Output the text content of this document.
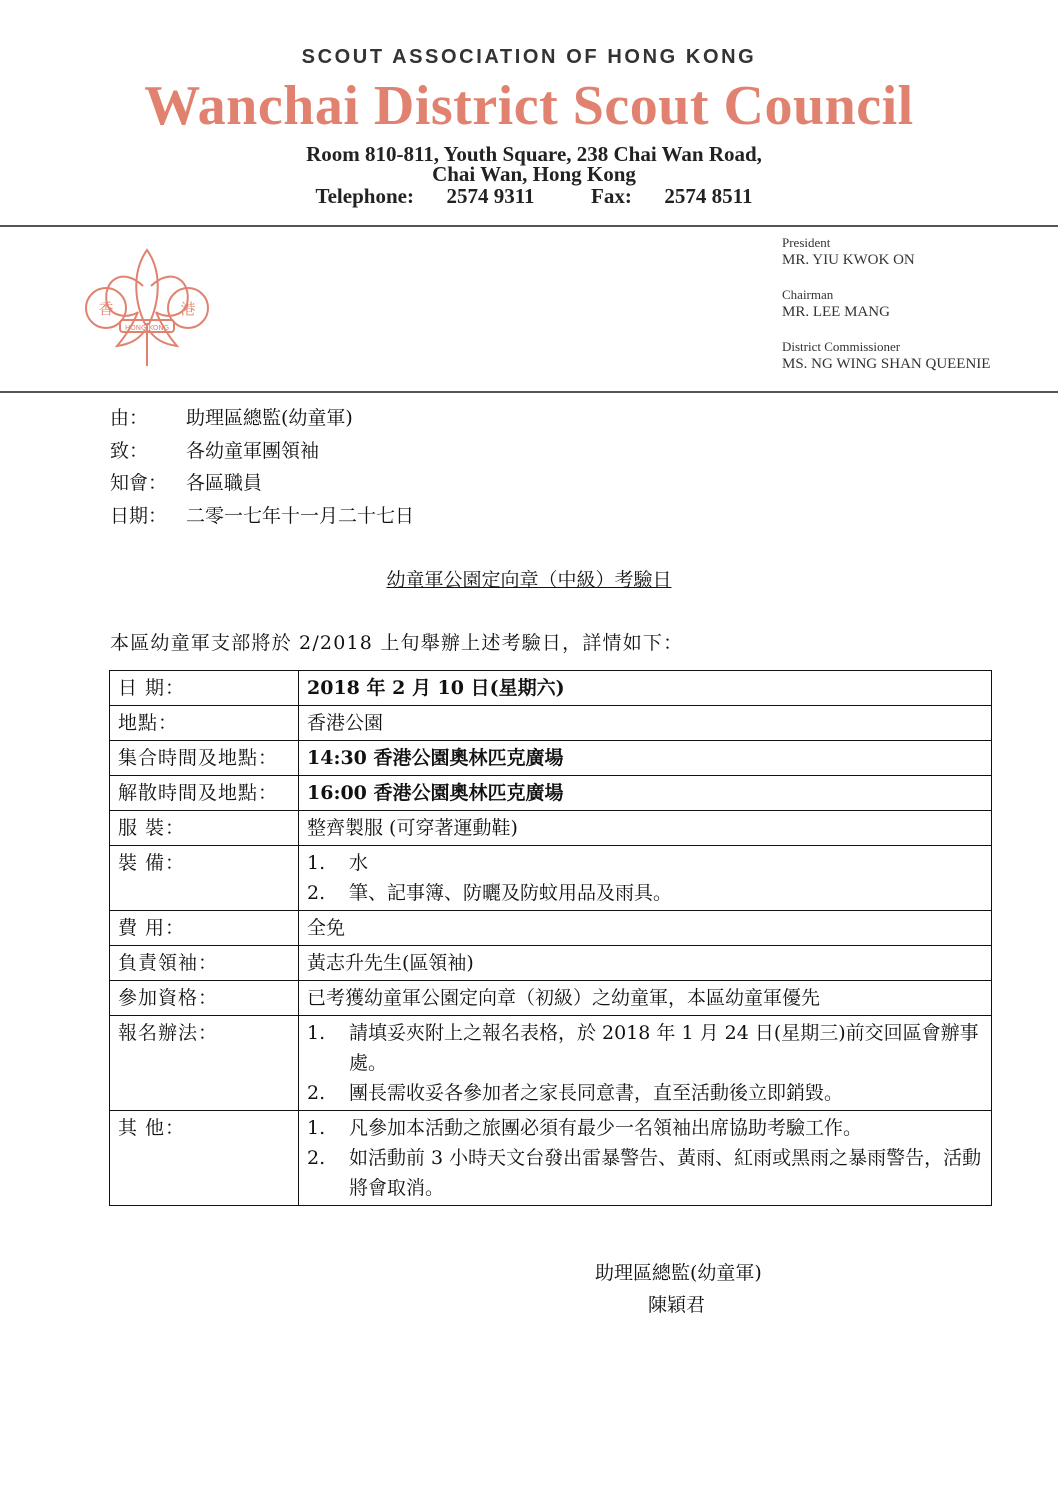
SCOUT ASSOCIATION OF HONG KONG
Wanchai District Scout Council
Room 810-811, Youth Square, 238 Chai Wan Road,
Chai Wan, Hong Kong
Telephone: 2574 9311	Fax: 2574 8511
香	港
HONG KONG

President

MR. YIU KWOK ON

Chairman

MR. LEE MANG

District Commissioner

MS. NG WING SHAN QUEENIE

由： 助理區總監(幼童軍)
致： 各幼童軍團領袖
知會： 各區職員
日期： 二零一七年十一月二十七日
幼童軍公園定向章（中級）考驗日
本區幼童軍支部將於 2/2018 上旬舉辦上述考驗日，詳情如下：
日 期：	2018 年 2 月 10 日(星期六)
地點：	香港公園
集合時間及地點：	14:30 香港公園奧林匹克廣場
解散時間及地點：	16:00 香港公園奧林匹克廣場
服 裝：	整齊製服 (可穿著運動鞋)
裝 備：	1. 水
2. 筆、記事簿、防曬及防蚊用品及雨具。

費 用：	全免
負責領袖：	黃志升先生(區領袖)
參加資格：	已考獲幼童軍公園定向章（初級）之幼童軍，本區幼童軍優先
報名辦法：	1. 請填妥夾附上之報名表格，於 2018 年 1 月 24 日(星期三)前交回區會辦事處。
2. 團長需收妥各參加者之家長同意書，直至活動後立即銷毀。

其 他：	1. 凡參加本活動之旅團必須有最少一名領袖出席協助考驗工作。
2. 如活動前 3 小時天文台發出雷暴警告、黃雨、紅雨或黑雨之暴雨警告，活動將會取消。
助理區總監(幼童軍)
陳穎君
